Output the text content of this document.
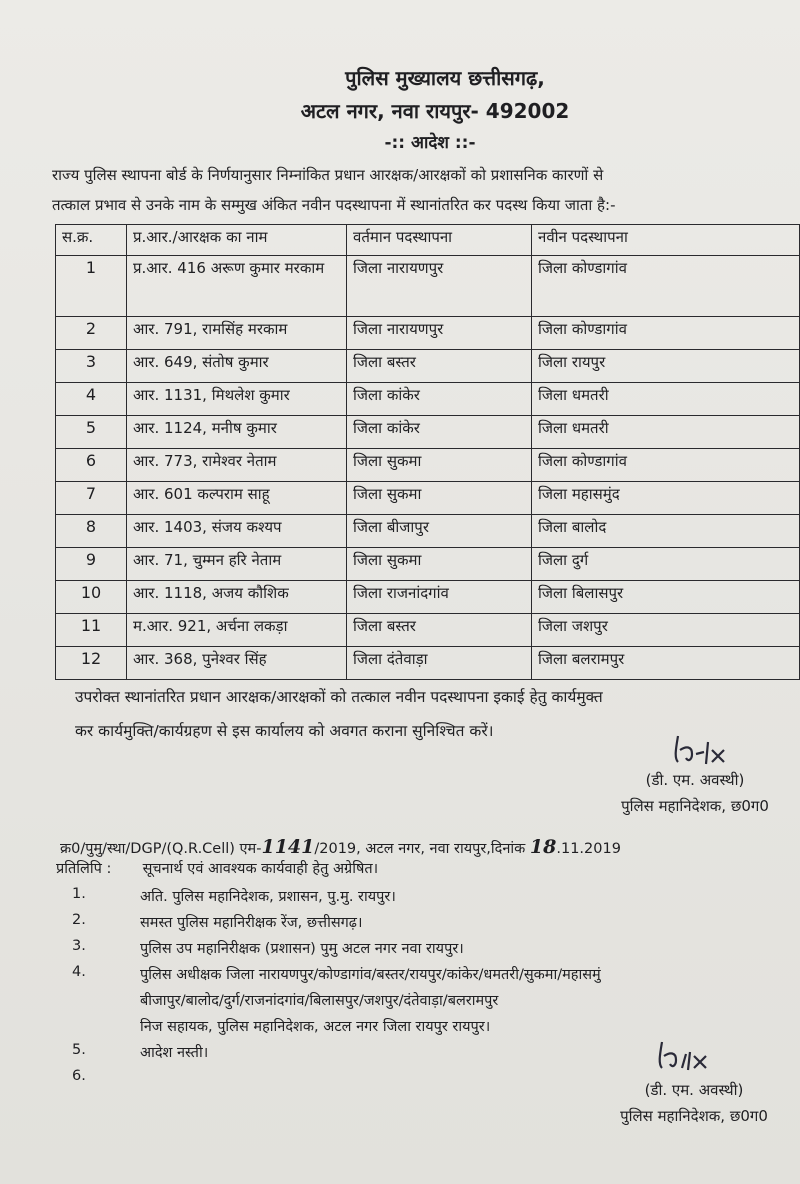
पुलिस मुख्यालय छत्तीसगढ़,
अटल नगर, नवा रायपुर- 492002
-:: आदेश ::-
राज्य पुलिस स्थापना बोर्ड के निर्णयानुसार निम्नांकित प्रधान आरक्षक/आरक्षकों को प्रशासनिक कारणों से
तत्काल प्रभाव से उनके नाम के सम्मुख अंकित नवीन पदस्थापना में स्थानांतरित कर पदस्थ किया जाता है:-
स.क्र.	प्र.आर./आरक्षक का नाम	वर्तमान पदस्थापना	नवीन पदस्थापना
1	प्र.आर. 416 अरूण कुमार मरकाम	जिला नारायणपुर	जिला कोण्डागांव
2	आर. 791, रामसिंह मरकाम	जिला नारायणपुर	जिला कोण्डागांव
3	आर. 649, संतोष कुमार	जिला बस्तर	जिला रायपुर
4	आर. 1131, मिथलेश कुमार	जिला कांकेर	जिला धमतरी
5	आर. 1124, मनीष कुमार	जिला कांकेर	जिला धमतरी
6	आर. 773, रामेश्वर नेताम	जिला सुकमा	जिला कोण्डागांव
7	आर. 601 कल्पराम साहू	जिला सुकमा	जिला महासमुंद
8	आर. 1403, संजय कश्यप	जिला बीजापुर	जिला बालोद
9	आर. 71, चुम्मन हरि नेताम	जिला सुकमा	जिला दुर्ग
10	आर. 1118, अजय कौशिक	जिला राजनांदगांव	जिला बिलासपुर
11	म.आर. 921, अर्चना लकड़ा	जिला बस्तर	जिला जशपुर
12	आर. 368, पुनेश्वर सिंह	जिला दंतेवाड़ा	जिला बलरामपुर
उपरोक्त स्थानांतरित प्रधान आरक्षक/आरक्षकों को तत्काल नवीन पदस्थापना इकाई हेतु कार्यमुक्त
कर कार्यमुक्ति/कार्यग्रहण से इस कार्यालय को अवगत कराना सुनिश्चित करें।
(डी. एम. अवस्थी)
पुलिस महानिदेशक, छ0ग0
क्र0/पुमु/स्था/DGP/(Q.R.Cell) एम-1141/2019, अटल नगर, नवा रायपुर,दिनांक 18.11.2019
प्रतिलिपि : सूचनार्थ एवं आवश्यक कार्यवाही हेतु अग्रेषित।
1.	अति. पुलिस महानिदेशक, प्रशासन, पु.मु. रायपुर।
2.	समस्त पुलिस महानिरीक्षक रेंज, छत्तीसगढ़।
3.	पुलिस उप महानिरीक्षक (प्रशासन) पुमु अटल नगर नवा रायपुर।
4.	पुलिस अधीक्षक जिला नारायणपुर/कोण्डागांव/बस्तर/रायपुर/कांकेर/धमतरी/सुकमा/महासमुं
बीजापुर/बालोद/दुर्ग/राजनांदगांव/बिलासपुर/जशपुर/दंतेवाड़ा/बलरामपुर
निज सहायक, पुलिस महानिदेशक, अटल नगर जिला रायपुर रायपुर।
5.	आदेश नस्ती।
6.
(डी. एम. अवस्थी)
पुलिस महानिदेशक, छ0ग0
